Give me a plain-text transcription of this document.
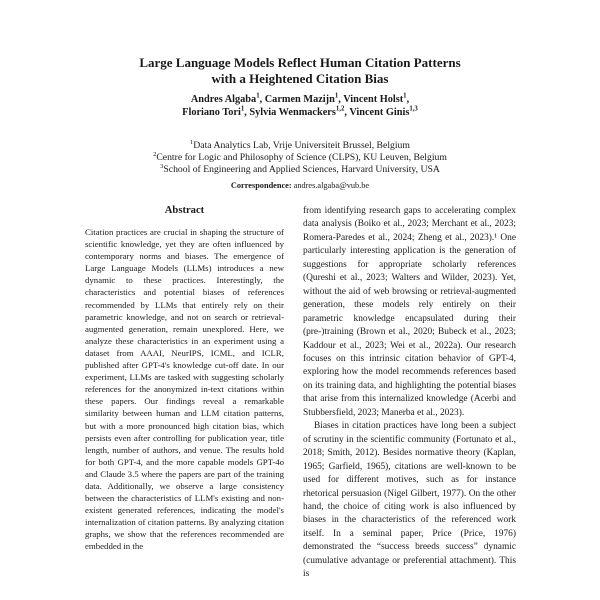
Large Language Models Reflect Human Citation Patterns
with a Heightened Citation Bias
Andres Algaba$^1$, Carmen Mazijn$^1$, Vincent Holst$^1$,
Floriano Tori$^1$, Sylvia Wenmackers$^{1,2}$, Vincent Ginis$^{1,3}$
$^1$Data Analytics Lab, Vrije Universiteit Brussel, Belgium
$^2$Centre for Logic and Philosophy of Science (CLPS), KU Leuven, Belgium
$^3$School of Engineering and Applied Sciences, Harvard University, USA
Correspondence: andres.algaba@vub.be
Abstract
Citation practices are crucial in shaping the structure of scientific knowledge, yet they are often influenced by contemporary norms and biases. The emergence of Large Language Models (LLMs) introduces a new dynamic to these practices. Interestingly, the characteristics and potential biases of references recommended by LLMs that entirely rely on their parametric knowledge, and not on search or retrieval-augmented generation, remain unexplored. Here, we analyze these characteristics in an experiment using a dataset from AAAI, NeurIPS, ICML, and ICLR, published after GPT-4's knowledge cut-off date. In our experiment, LLMs are tasked with suggesting scholarly references for the anonymized in-text citations within these papers. Our findings reveal a remarkable similarity between human and LLM citation patterns, but with a more pronounced high citation bias, which persists even after controlling for publication year, title length, number of authors, and venue. The results hold for both GPT-4, and the more capable models GPT-4o and Claude 3.5 where the papers are part of the training data. Additionally, we observe a large consistency between the characteristics of LLM's existing and non-existent generated references, indicating the model's internalization of citation patterns. By analyzing citation graphs, we show that the references recommended are embedded in the

from identifying research gaps to accelerating complex data analysis (Boiko et al., 2023; Merchant et al., 2023; Romera-Paredes et al., 2024; Zheng et al., 2023).¹ One particularly interesting application is the generation of suggestions for appropriate scholarly references (Qureshi et al., 2023; Walters and Wilder, 2023). Yet, without the aid of web browsing or retrieval-augmented generation, these models rely entirely on their parametric knowledge encapsulated during their (pre-)training (Brown et al., 2020; Bubeck et al., 2023; Kaddour et al., 2023; Wei et al., 2022a). Our research focuses on this intrinsic citation behavior of GPT-4, exploring how the model recommends references based on its training data, and highlighting the potential biases that arise from this internalized knowledge (Acerbi and Stubbersfield, 2023; Manerba et al., 2023).

Biases in citation practices have long been a subject of scrutiny in the scientific community (Fortunato et al., 2018; Smith, 2012). Besides normative theory (Kaplan, 1965; Garfield, 1965), citations are well-known to be used for different motives, such as for instance rhetorical persuasion (Nigel Gilbert, 1977). On the other hand, the choice of citing work is also influenced by biases in the characteristics of the referenced work itself. In a seminal paper, Price (Price, 1976) demonstrated the “success breeds success” dynamic (cumulative advantage or preferential attachment). This is
